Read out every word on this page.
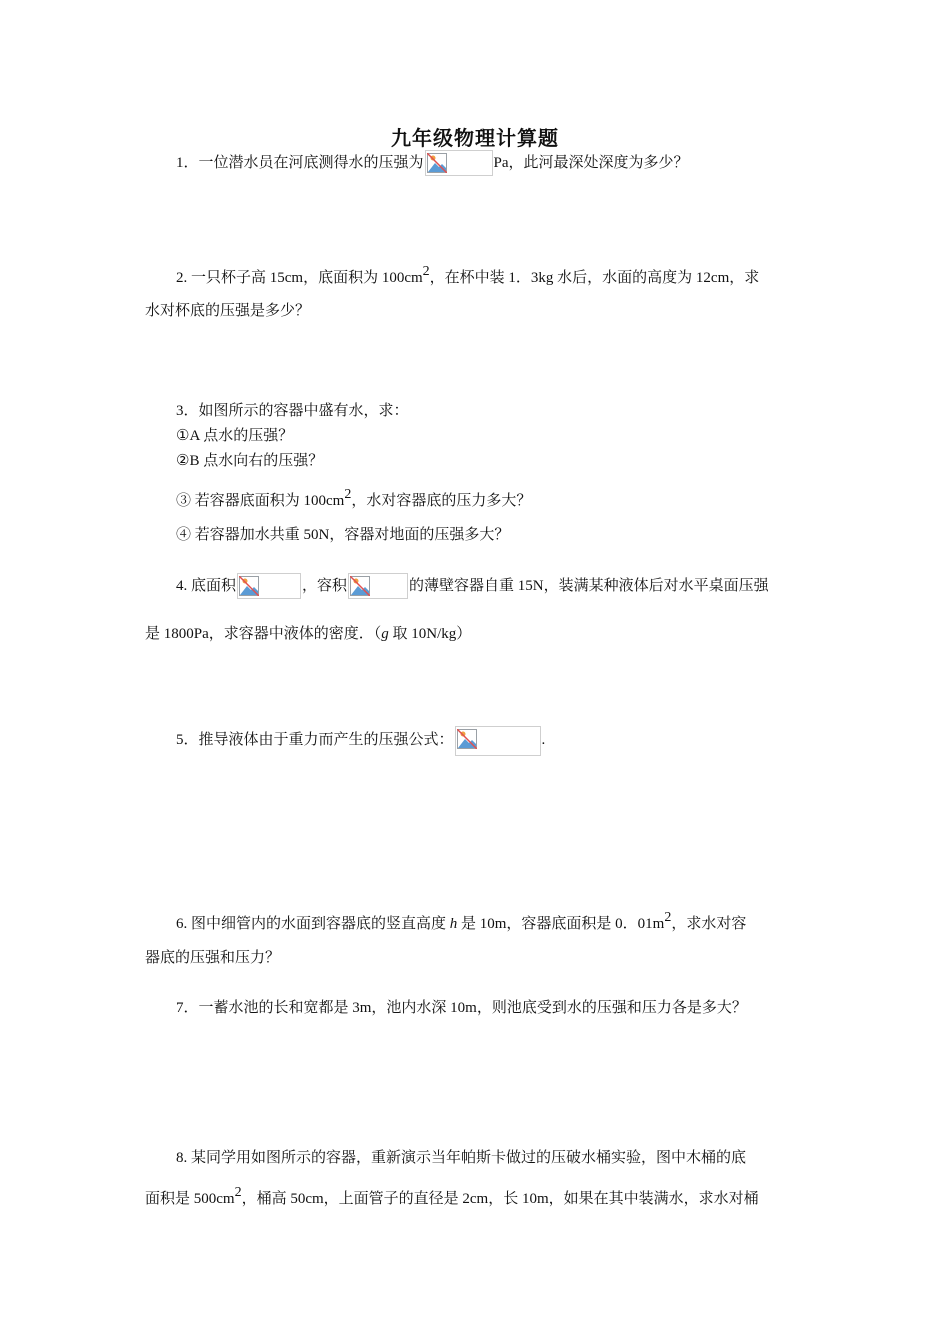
九年级物理计算题
1．一位潜水员在河底测得水的压强为	Pa，此河最深处深度为多少？
2. 一只杯子高 15cm，底面积为 $100cm^2$，在杯中装 1．3kg 水后，水面的高度为 12cm，求
水对杯底的压强是多少？
3．如图所示的容器中盛有水，求：
①A 点水的压强？
②B 点水向右的压强？
③ 若容器底面积为 $100cm^2$，水对容器底的压力多大？
④ 若容器加水共重 50N，容器对地面的压强多大？
4. 底面积	，容积	的薄壁容器自重 15N，装满某种液体后对水平桌面压强
是 1800Pa，求容器中液体的密度．（g 取 10N/kg）
5．推导液体由于重力而产生的压强公式：	.
6. 图中细管内的水面到容器底的竖直高度 h 是 10m，容器底面积是 0．$01m^2$，求水对容
器底的压强和压力？
7．一蓄水池的长和宽都是 3m，池内水深 10m，则池底受到水的压强和压力各是多大？
8. 某同学用如图所示的容器，重新演示当年帕斯卡做过的压破水桶实验，图中木桶的底
面积是 $500cm^2$，桶高 50cm，上面管子的直径是 2cm，长 10m，如果在其中装满水，求水对桶
